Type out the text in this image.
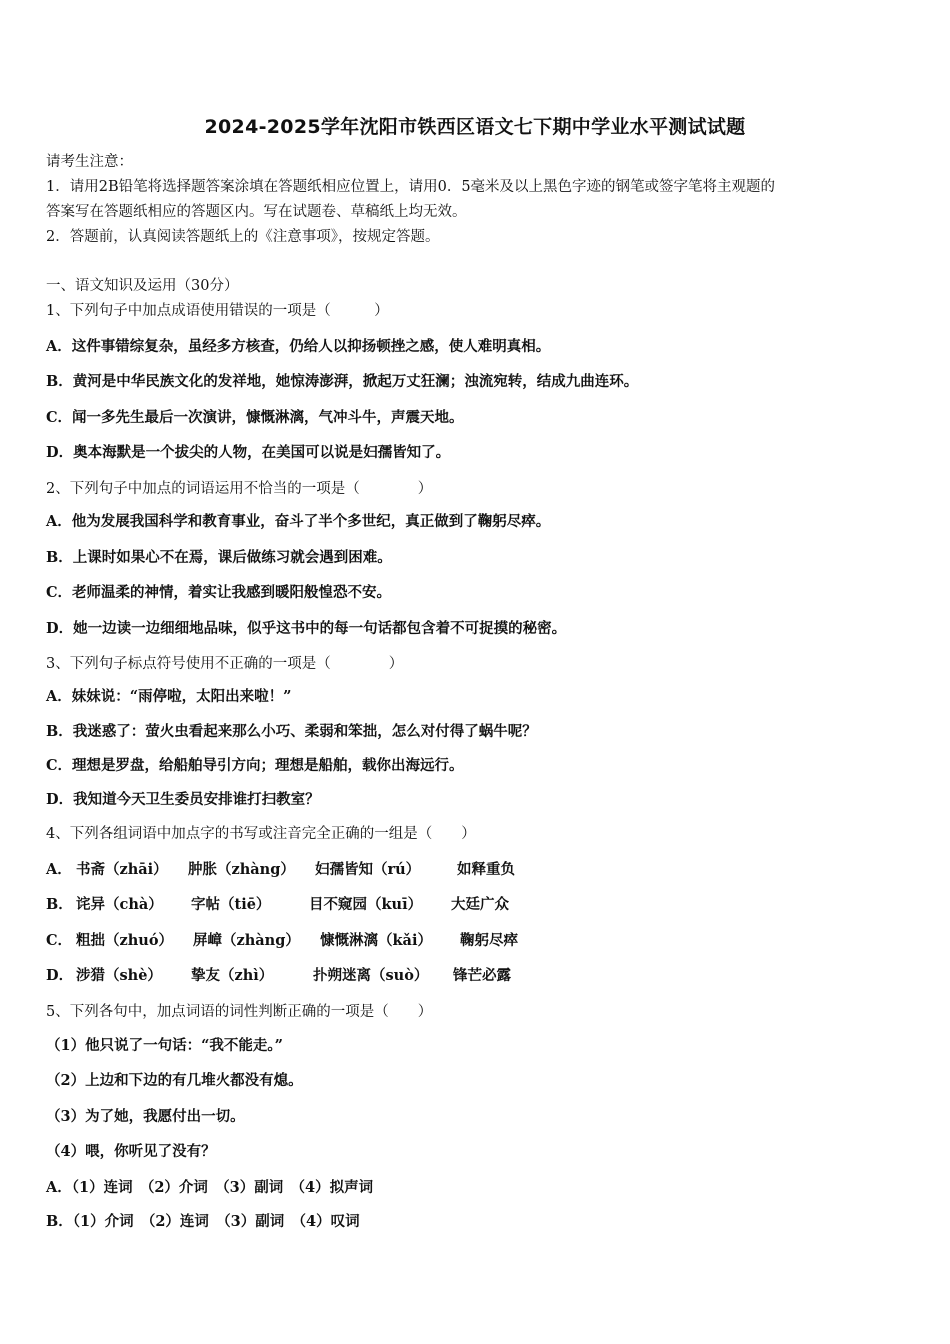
2024-2025学年沈阳市铁西区语文七下期中学业水平测试试题
请考生注意：
1．请用2B铅笔将选择题答案涂填在答题纸相应位置上，请用0．5毫米及以上黑色字迹的钢笔或签字笔将主观题的
答案写在答题纸相应的答题区内。写在试题卷、草稿纸上均无效。
2．答题前，认真阅读答题纸上的《注意事项》，按规定答题。
一、语文知识及运用（30分）
1、下列句子中加点成语使用错误的一项是（　　　）
A．这件事错综复杂，虽经多方核查，仍给人以抑扬顿挫之感，使人难明真相。
B．黄河是中华民族文化的发祥地，她惊涛澎湃，掀起万丈狂澜；浊流宛转，结成九曲连环。
C．闻一多先生最后一次演讲，慷慨淋漓，气冲斗牛，声震天地。
D．奥本海默是一个拔尖的人物，在美国可以说是妇孺皆知了。
2、下列句子中加点的词语运用不恰当的一项是（　　　　）
A．他为发展我国科学和教育事业，奋斗了半个多世纪，真正做到了鞠躬尽瘁。
B．上课时如果心不在焉，课后做练习就会遇到困难。
C．老师温柔的神情，着实让我感到暖阳般惶恐不安。
D．她一边读一边细细地品味，似乎这书中的每一句话都包含着不可捉摸的秘密。
3、下列句子标点符号使用不正确的一项是（　　　　）
A．妹妹说：“雨停啦，太阳出来啦！”
B．我迷惑了：萤火虫看起来那么小巧、柔弱和笨拙，怎么对付得了蜗牛呢？
C．理想是罗盘，给船舶导引方向；理想是船舶，载你出海远行。
D．我知道今天卫生委员安排谁打扫教室？
4、下列各组词语中加点字的书写或注音完全正确的一组是（　　）
A． 书斋（zhāi） 肿胀（zhàng） 妇孺皆知（rú）	如释重负
B． 诧异（chà） 字帖（tiē）	目不窥园（kuī） 大廷广众
C． 粗拙（zhuó） 屏嶂（zhàng） 慷慨淋漓（kǎi） 鞠躬尽瘁
D． 涉猎（shè） 挚友（zhì）	扑朔迷离（suò） 锋芒必露
5、下列各句中，加点词语的词性判断正确的一项是（　　）
（1）他只说了一句话：“我不能走。”
（2）上边和下边的有几堆火都没有熄。
（3）为了她，我愿付出一切。
（4）喂，你听见了没有？
A．（1）连词　（2）介词　（3）副词　（4）拟声词
B．（1）介词　（2）连词　（3）副词　（4）叹词
